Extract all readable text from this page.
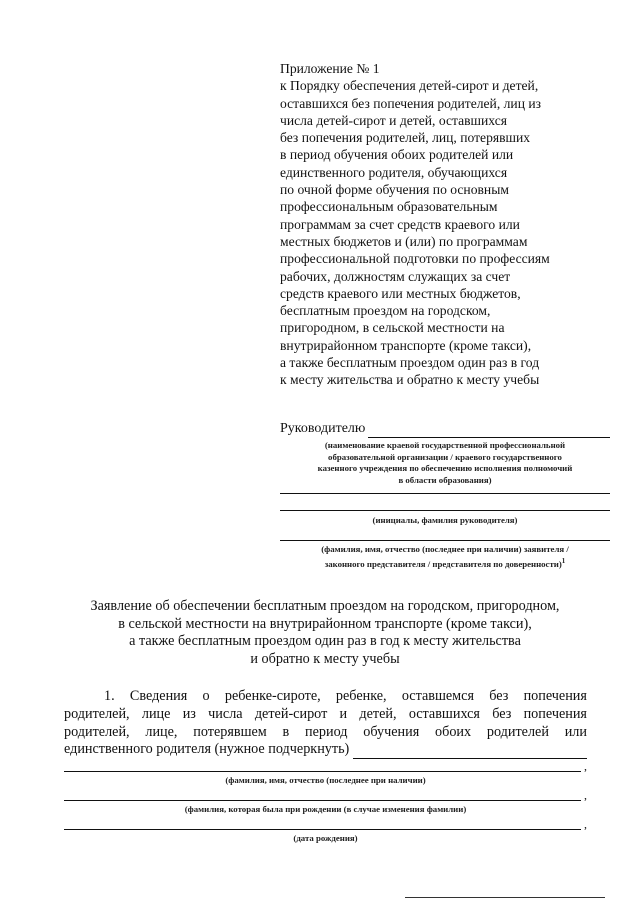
Приложение № 1
к Порядку обеспечения детей-сирот и детей,
оставшихся без попечения родителей, лиц из
числа детей-сирот и детей, оставшихся
без попечения родителей, лиц, потерявших
в период обучения обоих родителей или
единственного родителя, обучающихся
по очной форме обучения по основным
профессиональным образовательным
программам за счет средств краевого или
местных бюджетов и (или) по программам
профессиональной подготовки по профессиям
рабочих, должностям служащих за счет
средств краевого или местных бюджетов,
бесплатным проездом на городском,
пригородном, в сельской местности на
внутрирайонном транспорте (кроме такси),
а также бесплатным проездом один раз в год
к месту жительства и обратно к месту учебы
Руководителю
(наименование краевой государственной профессиональной
образовательной организации / краевого государственного
казенного учреждения по обеспечению исполнения полномочий
в области образования)
(инициалы, фамилия руководителя)
(фамилия, имя, отчество (последнее при наличии) заявителя /
законного представителя / представителя по доверенности)$^1$
Заявление об обеспечении бесплатным проездом на городском, пригородном,
в сельской местности на внутрирайонном транспорте (кроме такси),
а также бесплатным проездом один раз в год к месту жительства
и обратно к месту учебы
1. Сведения о ребенке-сироте, ребенке, оставшемся без попечения
родителей, лице из числа детей-сирот и детей, оставшихся без попечения
родителей, лице, потерявшем в период обучения обоих родителей или
единственного родителя (нужное подчеркнуть)
,
(фамилия, имя, отчество (последнее при наличии)
,
(фамилия, которая была при рождении (в случае изменения фамилии)
,
(дата рождения)
